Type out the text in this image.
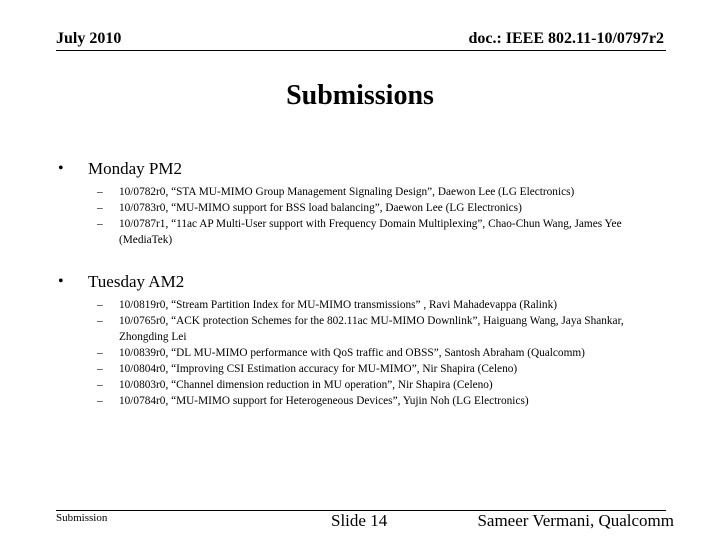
July 2010	doc.: IEEE 802.11-10/0797r2
Submissions
• Monday PM2
– 10/0782r0, “STA MU-MIMO Group Management Signaling Design”, Daewon Lee (LG Electronics)
– 10/0783r0, “MU-MIMO support for BSS load balancing”, Daewon Lee (LG Electronics)
– 10/0787r1, “11ac AP Multi-User support with Frequency Domain Multiplexing”, Chao-Chun Wang, James Yee (MediaTek)
• Tuesday AM2
– 10/0819r0, “Stream Partition Index for MU-MIMO transmissions” , Ravi Mahadevappa (Ralink)
– 10/0765r0, “ACK protection Schemes for the 802.11ac MU-MIMO Downlink”, Haiguang Wang, Jaya Shankar, Zhongding Lei
– 10/0839r0, “DL MU-MIMO performance with QoS traffic and OBSS”, Santosh Abraham (Qualcomm)
– 10/0804r0, “Improving CSI Estimation accuracy for MU-MIMO”, Nir Shapira (Celeno)
– 10/0803r0, “Channel dimension reduction in MU operation”, Nir Shapira (Celeno)
– 10/0784r0, “MU-MIMO support for Heterogeneous Devices”, Yujin Noh (LG Electronics)
Submission	Slide 14	Sameer Vermani, Qualcomm
